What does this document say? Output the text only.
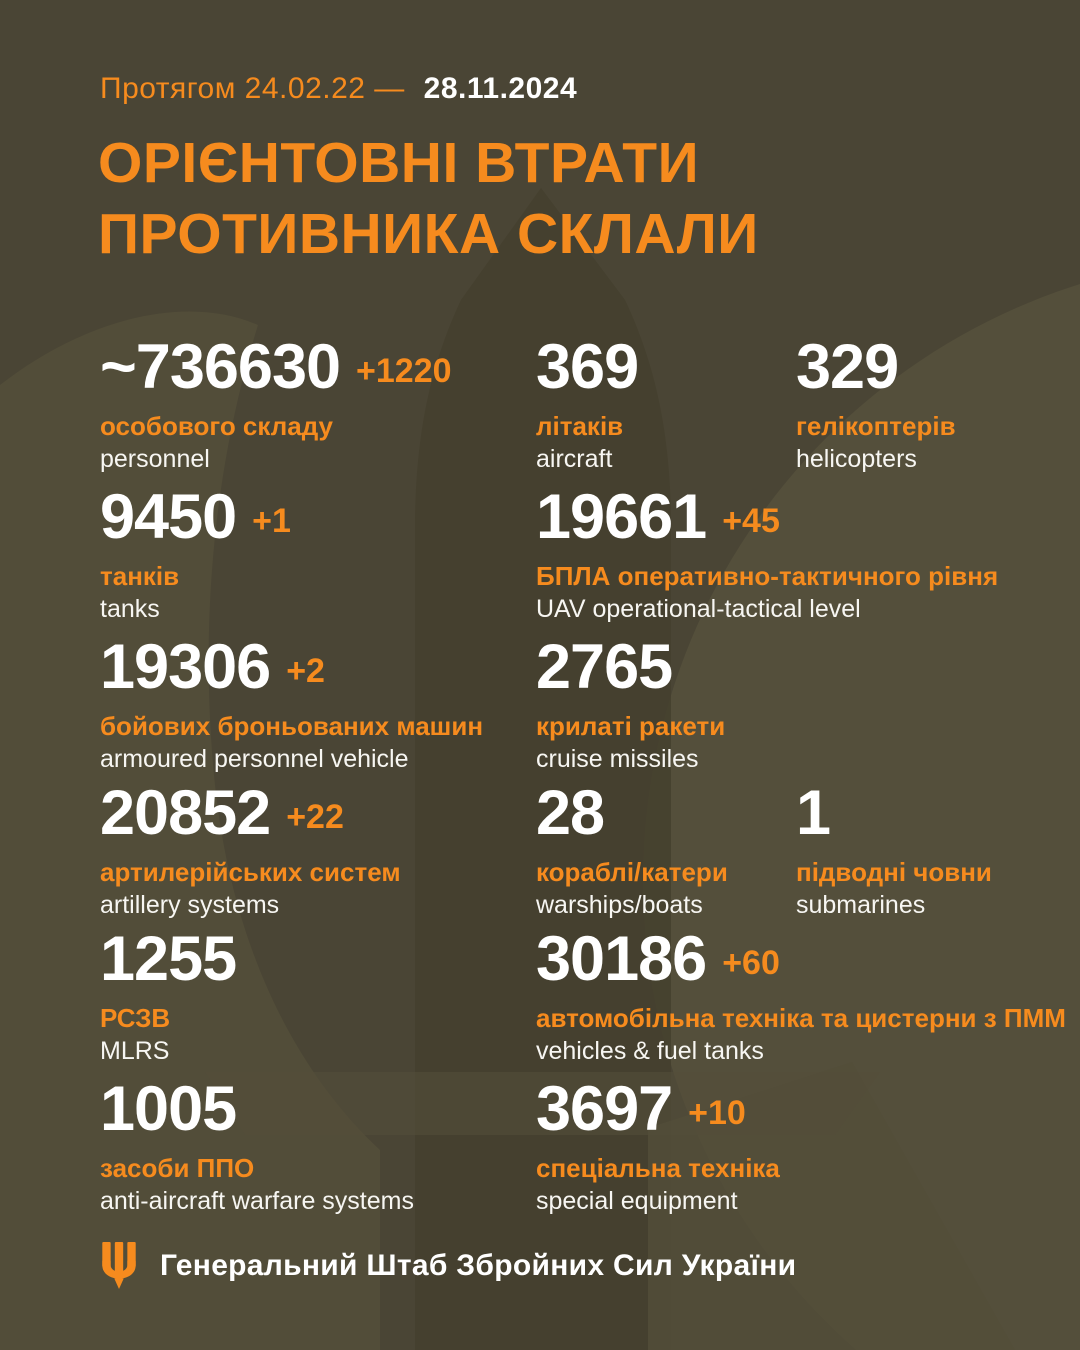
Протягом 24.02.22 — 28.11.2024
ОРІЄНТОВНІ ВТРАТИ
ПРОТИВНИКА СКЛАЛИ
~736630 +1220
особового складу
personnel
369
літаків
aircraft
329
гелікоптерів
helicopters
9450 +1
танків
tanks
19661 +45
БПЛА оперативно-тактичного рівня
UAV operational-tactical level
19306 +2
бойових броньованих машин
armoured personnel vehicle
2765
крилаті ракети
cruise missiles
20852 +22
артилерійських систем
artillery systems
28
кораблі/катери
warships/boats
1
підводні човни
submarines
1255
РСЗВ
MLRS
30186 +60
автомобільна техніка та цистерни з ПММ
vehicles & fuel tanks
1005
засоби ППО
anti-aircraft warfare systems
3697 +10
спеціальна техніка
special equipment
Генеральний Штаб Збройних Сил України
